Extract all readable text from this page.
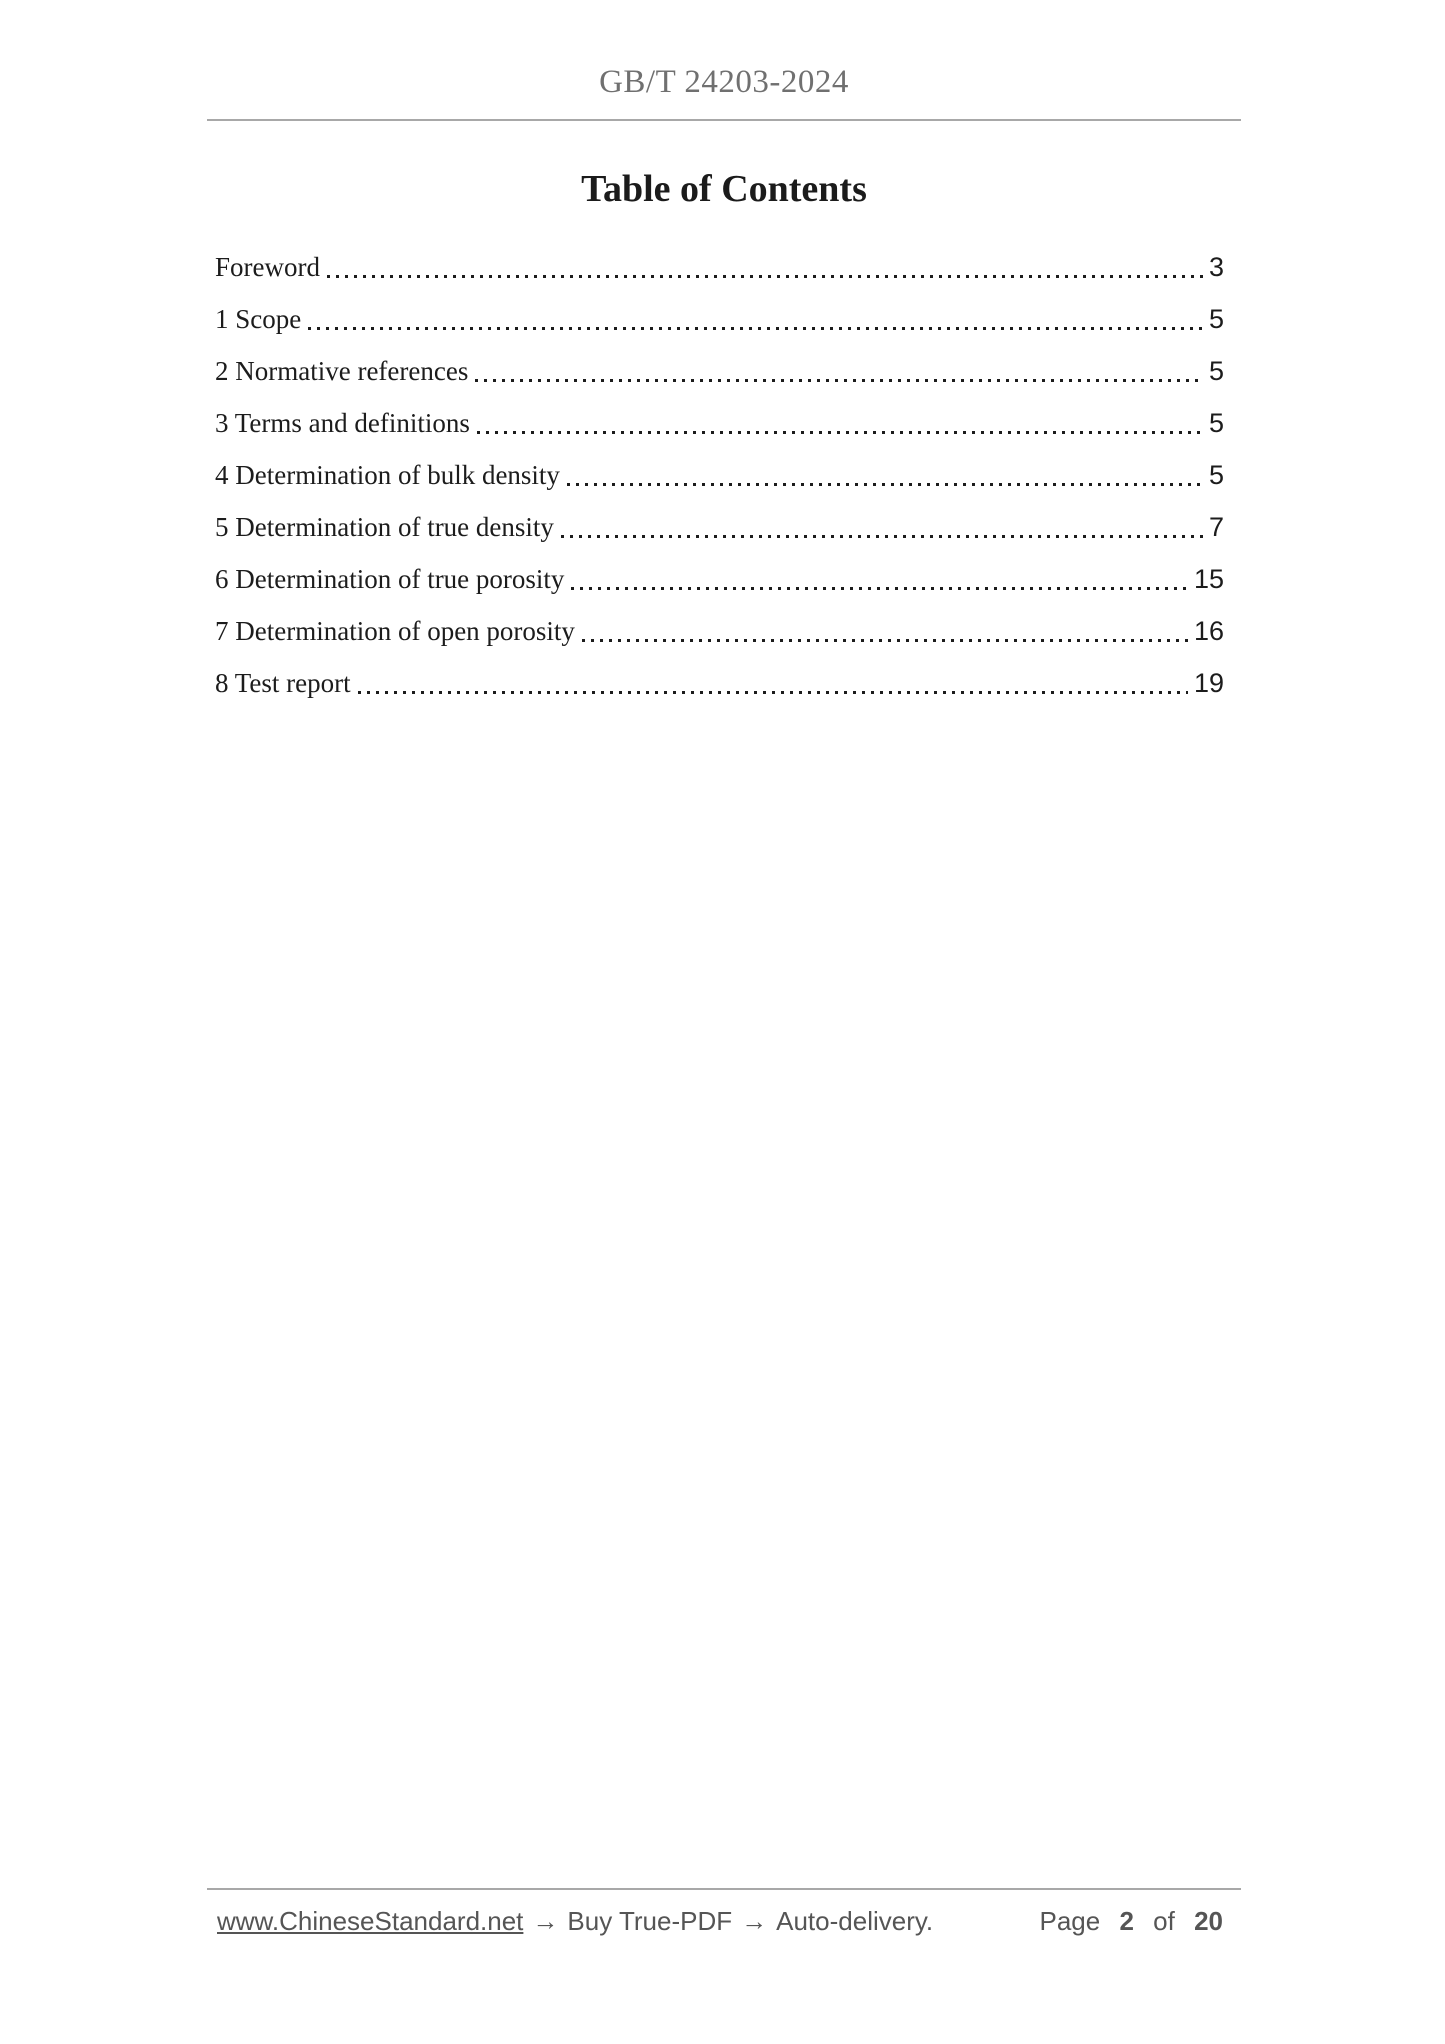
GB/T 24203-2024
Table of Contents
Foreword	3
1 Scope	5
2 Normative references	5
3 Terms and definitions	5
4 Determination of bulk density	5
5 Determination of true density	7
6 Determination of true porosity	15
7 Determination of open porosity	16
8 Test report	19
www.ChineseStandard.net → Buy True-PDF → Auto-delivery.	Page 2 of 20
